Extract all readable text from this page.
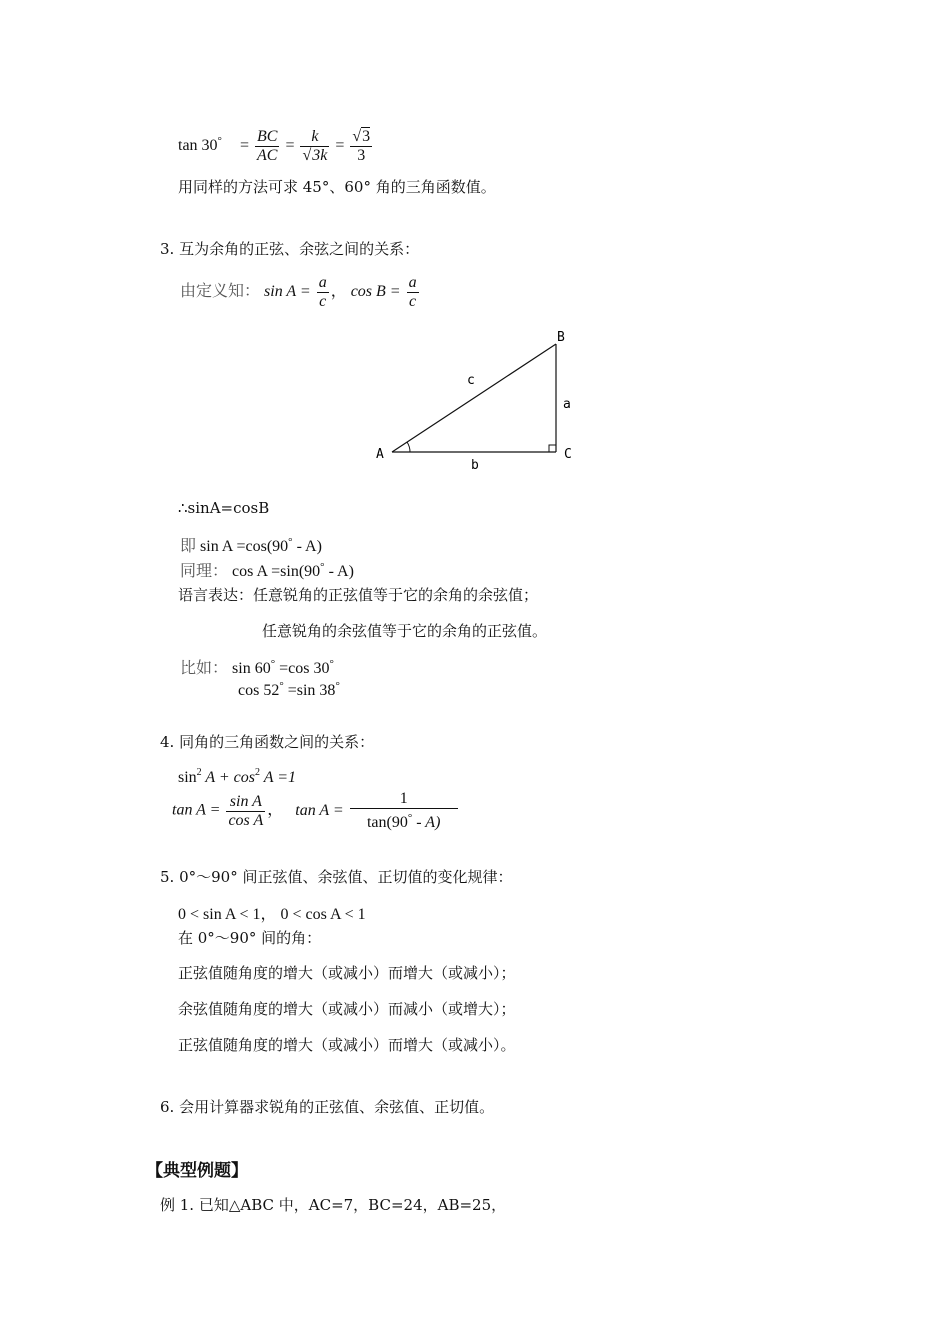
$\tan 30^\circ = \frac{BC}{AC} = \frac{k}{√3k} = \frac{√3}{3}$
用同样的方法可求 45°、60° 角的三角函数值。
3. 互为余角的正弦、余弦之间的关系：
由定义知： $\sin A = \frac{a}{c}$ ， $\cos B = \frac{a}{c}$
A
B
C
a
b
c
∴sinA=cosB
即 sin A =cos(90° - A)
同理： cos A =sin(90° - A)
语言表达：任意锐角的正弦值等于它的余角的余弦值；
任意锐角的余弦值等于它的余角的正弦值。
比如： sin 60° =cos 30°
cos 52° =sin 38°
4. 同角的三角函数之间的关系：
$\sin^2 A + \cos^2 A =1$
$\tan A = \frac{\text{sin A}}{\text{cos A}}$ ， $\tan A = \frac{1}{\tan(90^\circ - A)}$
5. 0°～90° 间正弦值、余弦值、正切值的变化规律：
0 < sin A < 1， 0 < cos A < 1
在 0°～90° 间的角：
正弦值随角度的增大（或减小）而增大（或减小）；
余弦值随角度的增大（或减小）而减小（或增大）；
正弦值随角度的增大（或减小）而增大（或减小）。
6. 会用计算器求锐角的正弦值、余弦值、正切值。
【典型例题】
例 1. 已知△ABC 中，AC=7，BC=24，AB=25，
